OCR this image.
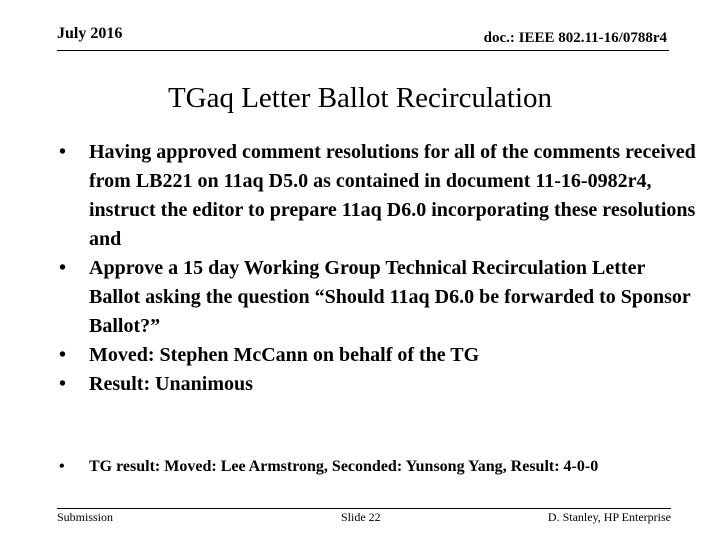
July 2016	doc.: IEEE 802.11-16/0788r4
TGaq Letter Ballot Recirculation
•	Having approved comment resolutions for all of the comments received from LB221 on 11aq D5.0 as contained in document 11-16-0982r4, instruct the editor to prepare 11aq D6.0 incorporating these resolutions and
•	Approve a 15 day Working Group Technical Recirculation Letter Ballot asking the question “Should 11aq D6.0 be forwarded to Sponsor Ballot?”
•	Moved: Stephen McCann on behalf of the TG
•	Result: Unanimous
•	TG result: Moved: Lee Armstrong, Seconded: Yunsong Yang, Result: 4-0-0
Submission	Slide 22	D. Stanley, HP Enterprise
